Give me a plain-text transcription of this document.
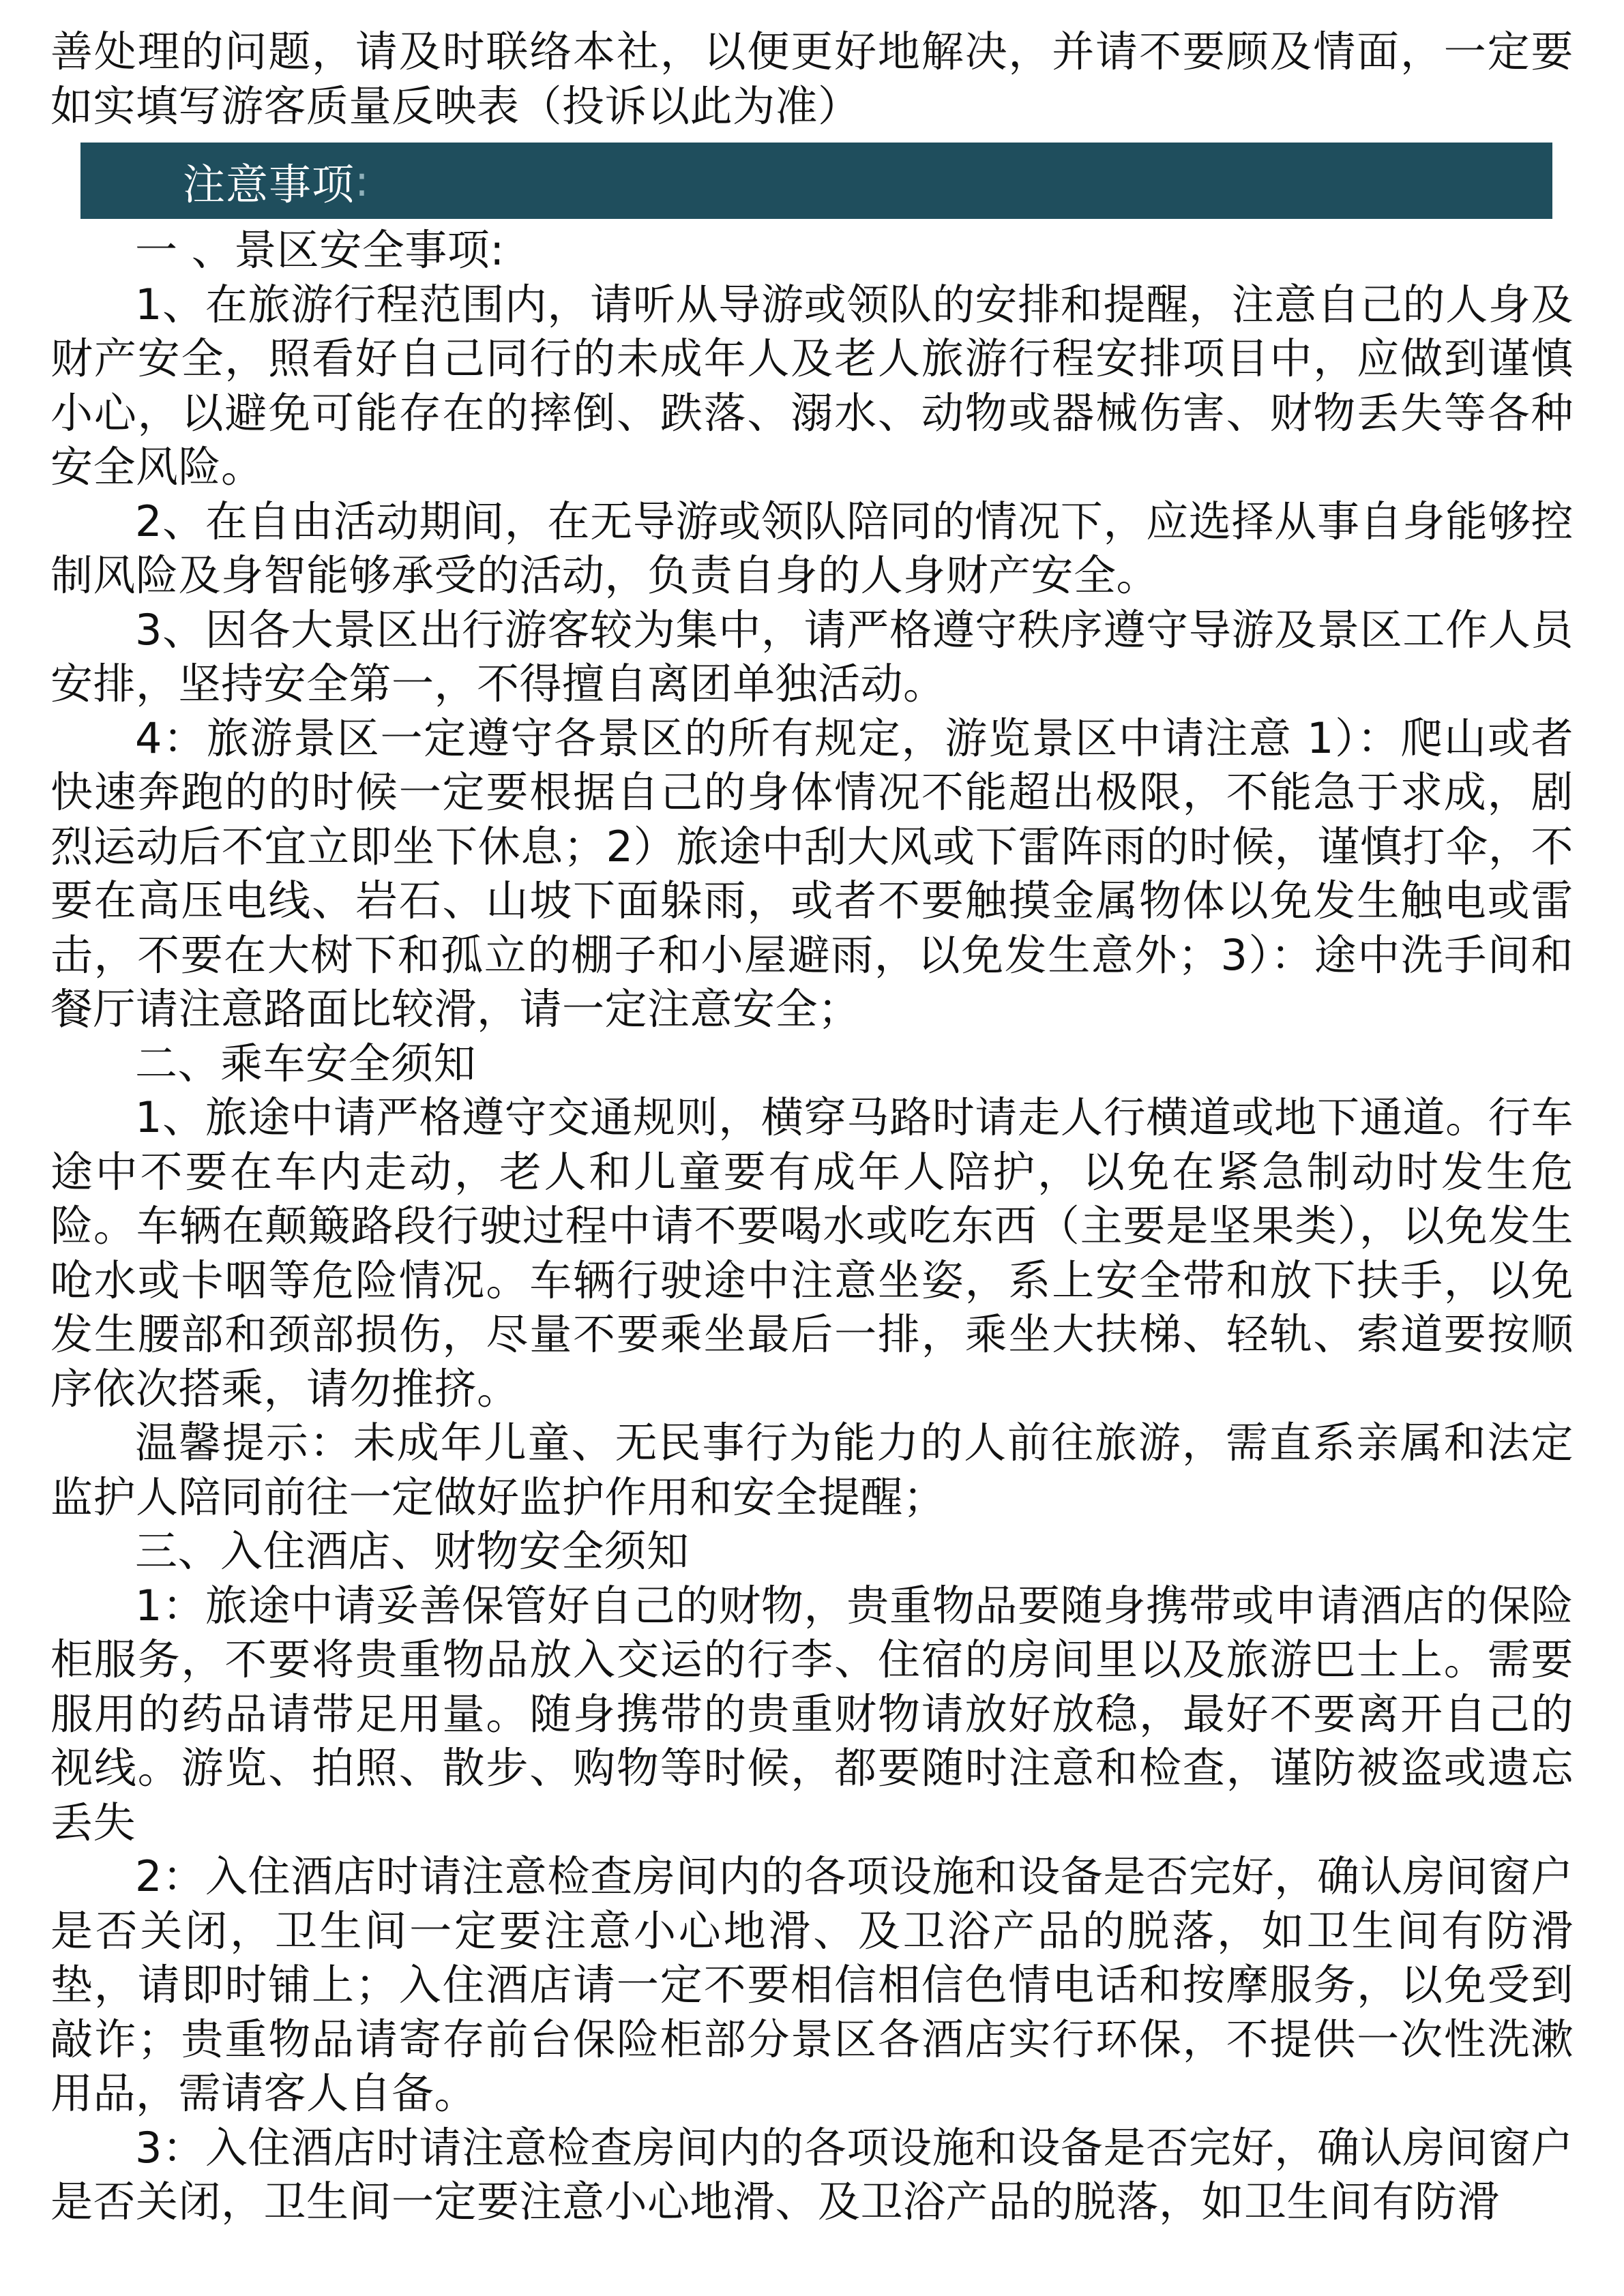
善处理的问题，请及时联络本社，以便更好地解决，并请不要顾及情面，一定要如实填写游客质量反映表（投诉以此为准）

注意事项 :

一 、景区安全事项:

1、在旅游行程范围内，请听从导游或领队的安排和提醒，注意自己的人身及财产安全，照看好自己同行的未成年人及老人旅游行程安排项目中，应做到谨慎小心，以避免可能存在的摔倒、跌落、溺水、动物或器械伤害、财物丢失等各种安全风险。

2、在自由活动期间，在无导游或领队陪同的情况下，应选择从事自身能够控制风险及身智能够承受的活动，负责自身的人身财产安全。

3、因各大景区出行游客较为集中，请严格遵守秩序遵守导游及景区工作人员安排，坚持安全第一，不得擅自离团单独活动。

4：旅游景区一定遵守各景区的所有规定，游览景区中请注意 1）：爬山或者快速奔跑的的时候一定要根据自己的身体情况不能超出极限，不能急于求成，剧烈运动后不宜立即坐下休息；2）旅途中刮大风或下雷阵雨的时候，谨慎打伞，不要在高压电线、岩石、山坡下面躲雨，或者不要触摸金属物体以免发生触电或雷击，不要在大树下和孤立的棚子和小屋避雨，以免发生意外；3）：途中洗手间和餐厅请注意路面比较滑，请一定注意安全；

二、乘车安全须知

1、旅途中请严格遵守交通规则，横穿马路时请走人行横道或地下通道。行车途中不要在车内走动，老人和儿童要有成年人陪护，以免在紧急制动时发生危险。车辆在颠簸路段行驶过程中请不要喝水或吃东西（主要是坚果类），以免发生呛水或卡咽等危险情况。车辆行驶途中注意坐姿，系上安全带和放下扶手，以免发生腰部和颈部损伤，尽量不要乘坐最后一排，乘坐大扶梯、轻轨、索道要按顺序依次搭乘，请勿推挤。

温馨提示：未成年儿童、无民事行为能力的人前往旅游，需直系亲属和法定监护人陪同前往一定做好监护作用和安全提醒；

三、入住酒店、财物安全须知

1：旅途中请妥善保管好自己的财物，贵重物品要随身携带或申请酒店的保险柜服务，不要将贵重物品放入交运的行李、住宿的房间里以及旅游巴士上。需要服用的药品请带足用量。随身携带的贵重财物请放好放稳，最好不要离开自己的视线。游览、拍照、散步、购物等时候，都要随时注意和检查，谨防被盗或遗忘丢失

2：入住酒店时请注意检查房间内的各项设施和设备是否完好，确认房间窗户是否关闭，卫生间一定要注意小心地滑、及卫浴产品的脱落，如卫生间有防滑垫，请即时铺上；入住酒店请一定不要相信相信色情电话和按摩服务，以免受到敲诈；贵重物品请寄存前台保险柜部分景区各酒店实行环保，不提供一次性洗漱用品，需请客人自备。

3：入住酒店时请注意检查房间内的各项设施和设备是否完好，确认房间窗户是否关闭，卫生间一定要注意小心地滑、及卫浴产品的脱落，如卫生间有防滑
